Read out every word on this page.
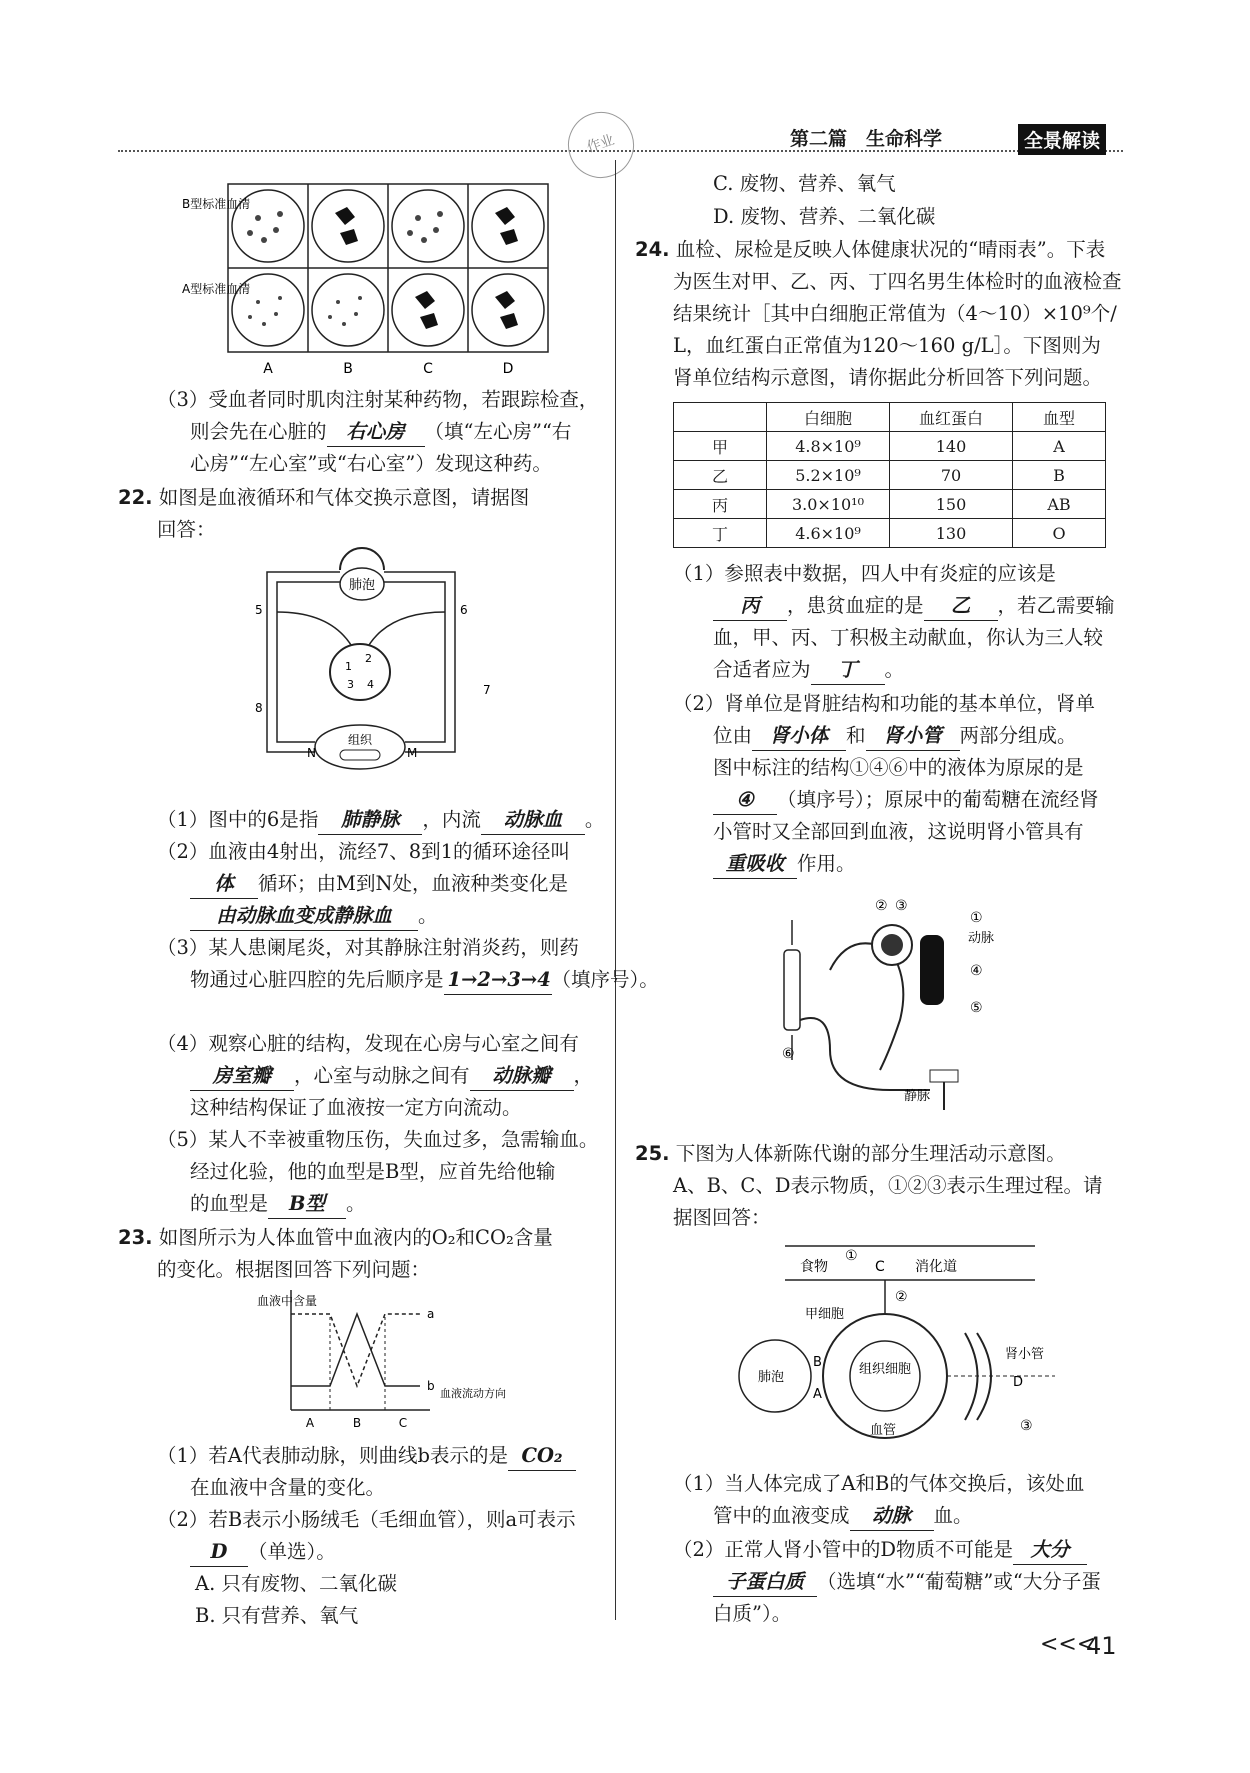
第二篇　生命科学	全景解读
作业
B型标准血清
A型标准血清
A	B	C	D
（3）受血者同时肌肉注射某种药物，若跟踪检查，
则会先在心脏的 右心房 （填“左心房”“右
心房”“左心室”或“右心室”）发现这种药。
22. 如图是血液循环和气体交换示意图，请据图
回答：
肺泡
1
2
3 4
组织
N	M
5	6
7
8
（1）图中的6是指 肺静脉 ，内流 动脉血 。
（2）血液由4射出，流经7、8到1的循环途径叫
体 循环；由M到N处，血液种类变化是
由动脉血变成静脉血 。
（3）某人患阑尾炎，对其静脉注射消炎药，则药
物通过心脏四腔的先后顺序是 1→2→3→4（填序号）。
（4）观察心脏的结构，发现在心房与心室之间有
房室瓣 ，心室与动脉之间有 动脉瓣 ，
这种结构保证了血液按一定方向流动。
（5）某人不幸被重物压伤，失血过多，急需输血。
经过化验，他的血型是B型，应首先给他输
的血型是 B型 。
23. 如图所示为人体血管中血液内的O₂和CO₂含量
的变化。根据图回答下列问题：
血液中含量
血液流动方向
a
b
A	B	C
（1）若A代表肺动脉，则曲线b表示的是 CO₂
在血液中含量的变化。
（2）若B表示小肠绒毛（毛细血管），则a可表示
D （单选）。
A. 只有废物、二氧化碳
B. 只有营养、氧气
C. 废物、营养、氧气
D. 废物、营养、二氧化碳
24. 血检、尿检是反映人体健康状况的“晴雨表”。下表
为医生对甲、乙、丙、丁四名男生体检时的血液检查
结果统计［其中白细胞正常值为（4～10）×10⁹个/
L，血红蛋白正常值为120～160 g/L］。下图则为
肾单位结构示意图，请你据此分析回答下列问题。
	白细胞	血红蛋白	血型
甲	4.8×10⁹	140	A
乙	5.2×10⁹	70	B
丙	3.0×10¹⁰	150	AB
丁	4.6×10⁹	130	O
（1）参照表中数据，四人中有炎症的应该是
丙 ，患贫血症的是 乙 ，若乙需要输
血，甲、丙、丁积极主动献血，你认为三人较
合适者应为 丁 。
（2）肾单位是肾脏结构和功能的基本单位，肾单
位由 肾小体 和 肾小管 两部分组成。
图中标注的结构①④⑥中的液体为原尿的是
④ （填序号）；原尿中的葡萄糖在流经肾
小管时又全部回到血液，这说明肾小管具有
重吸收 作用。
② ③
①
动脉
④
⑤
⑥
静脉
25. 下图为人体新陈代谢的部分生理活动示意图。
A、B、C、D表示物质，①②③表示生理过程。请
据图回答：
食物
①
C 消化道
②
甲细胞
组织细胞
血管
肺泡
B
A
肾小管
D
③
（1）当人体完成了A和B的气体交换后，该处血
管中的血液变成 动脉 血。
（2）正常人肾小管中的D物质不可能是 大分
子蛋白质 （选填“水”“葡萄糖”或“大分子蛋
白质”）。
<<<
41
